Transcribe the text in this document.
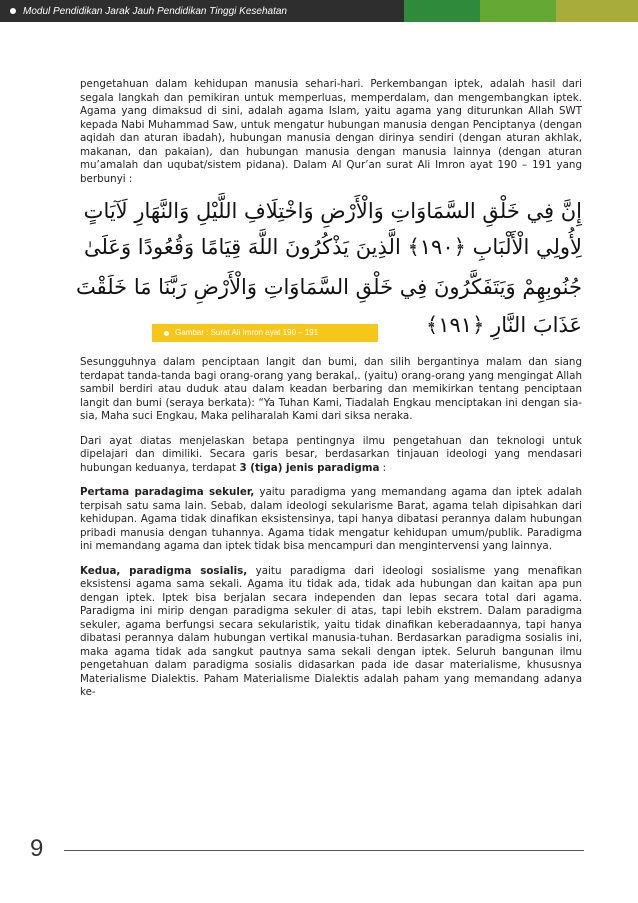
Modul Pendidikan Jarak Jauh Pendidikan Tinggi Kesehatan

pengetahuan dalam kehidupan manusia sehari-hari. Perkembangan iptek, adalah hasil dari segala langkah dan pemikiran untuk memperluas, memperdalam, dan mengembangkan iptek. Agama yang dimaksud di sini, adalah agama Islam, yaitu agama yang diturunkan Allah SWT kepada Nabi Muhammad Saw, untuk mengatur hubungan manusia dengan Penciptanya (dengan aqidah dan aturan ibadah), hubungan manusia dengan dirinya sendiri (dengan aturan akhlak, makanan, dan pakaian), dan hubungan manusia dengan manusia lainnya (dengan aturan mu’amalah dan uqubat/sistem pidana). Dalam Al Qur’an surat Ali Imron ayat 190 – 191 yang berbunyi :

إِنَّ فِي خَلْقِ السَّمَاوَاتِ وَالْأَرْضِ وَاخْتِلَافِ اللَّيْلِ وَالنَّهَارِ لَآيَاتٍ
لِأُولِي الْأَلْبَابِ ﴿١٩٠﴾ الَّذِينَ يَذْكُرُونَ اللَّهَ قِيَامًا وَقُعُودًا وَعَلَىٰ
جُنُوبِهِمْ وَيَتَفَكَّرُونَ فِي خَلْقِ السَّمَاوَاتِ وَالْأَرْضِ رَبَّنَا مَا خَلَقْتَ
عَذَابَ النَّارِ ﴿١٩١﴾
Gambar : Surat Ali Imron ayat 190 – 191

Sesungguhnya dalam penciptaan langit dan bumi, dan silih bergantinya malam dan siang terdapat tanda-tanda bagi orang-orang yang berakal,. (yaitu) orang-orang yang mengingat Allah sambil berdiri atau duduk atau dalam keadan berbaring dan memikirkan tentang penciptaan langit dan bumi (seraya berkata): “Ya Tuhan Kami, Tiadalah Engkau menciptakan ini dengan sia-sia, Maha suci Engkau, Maka peliharalah Kami dari siksa neraka.

Dari ayat diatas menjelaskan betapa pentingnya ilmu pengetahuan dan teknologi untuk dipelajari dan dimiliki. Secara garis besar, berdasarkan tinjauan ideologi yang mendasari hubungan keduanya, terdapat 3 (tiga) jenis paradigma :

Pertama paradagima sekuler, yaitu paradigma yang memandang agama dan iptek adalah terpisah satu sama lain. Sebab, dalam ideologi sekularisme Barat, agama telah dipisahkan dari kehidupan. Agama tidak dinafikan eksistensinya, tapi hanya dibatasi perannya dalam hubungan pribadi manusia dengan tuhannya. Agama tidak mengatur kehidupan umum/publik. Paradigma ini memandang agama dan iptek tidak bisa mencampuri dan mengintervensi yang lainnya.

Kedua, paradigma sosialis, yaitu paradigma dari ideologi sosialisme yang menafikan eksistensi agama sama sekali. Agama itu tidak ada, tidak ada hubungan dan kaitan apa pun dengan iptek. Iptek bisa berjalan secara independen dan lepas secara total dari agama. Paradigma ini mirip dengan paradigma sekuler di atas, tapi lebih ekstrem. Dalam paradigma sekuler, agama berfungsi secara sekularistik, yaitu tidak dinafikan keberadaannya, tapi hanya dibatasi perannya dalam hubungan vertikal manusia-tuhan. Berdasarkan paradigma sosialis ini, maka agama tidak ada sangkut pautnya sama sekali dengan iptek. Seluruh bangunan ilmu pengetahuan dalam paradigma sosialis didasarkan pada ide dasar materialisme, khususnya Materialisme Dialektis. Paham Materialisme Dialektis adalah paham yang memandang adanya ke-

9
